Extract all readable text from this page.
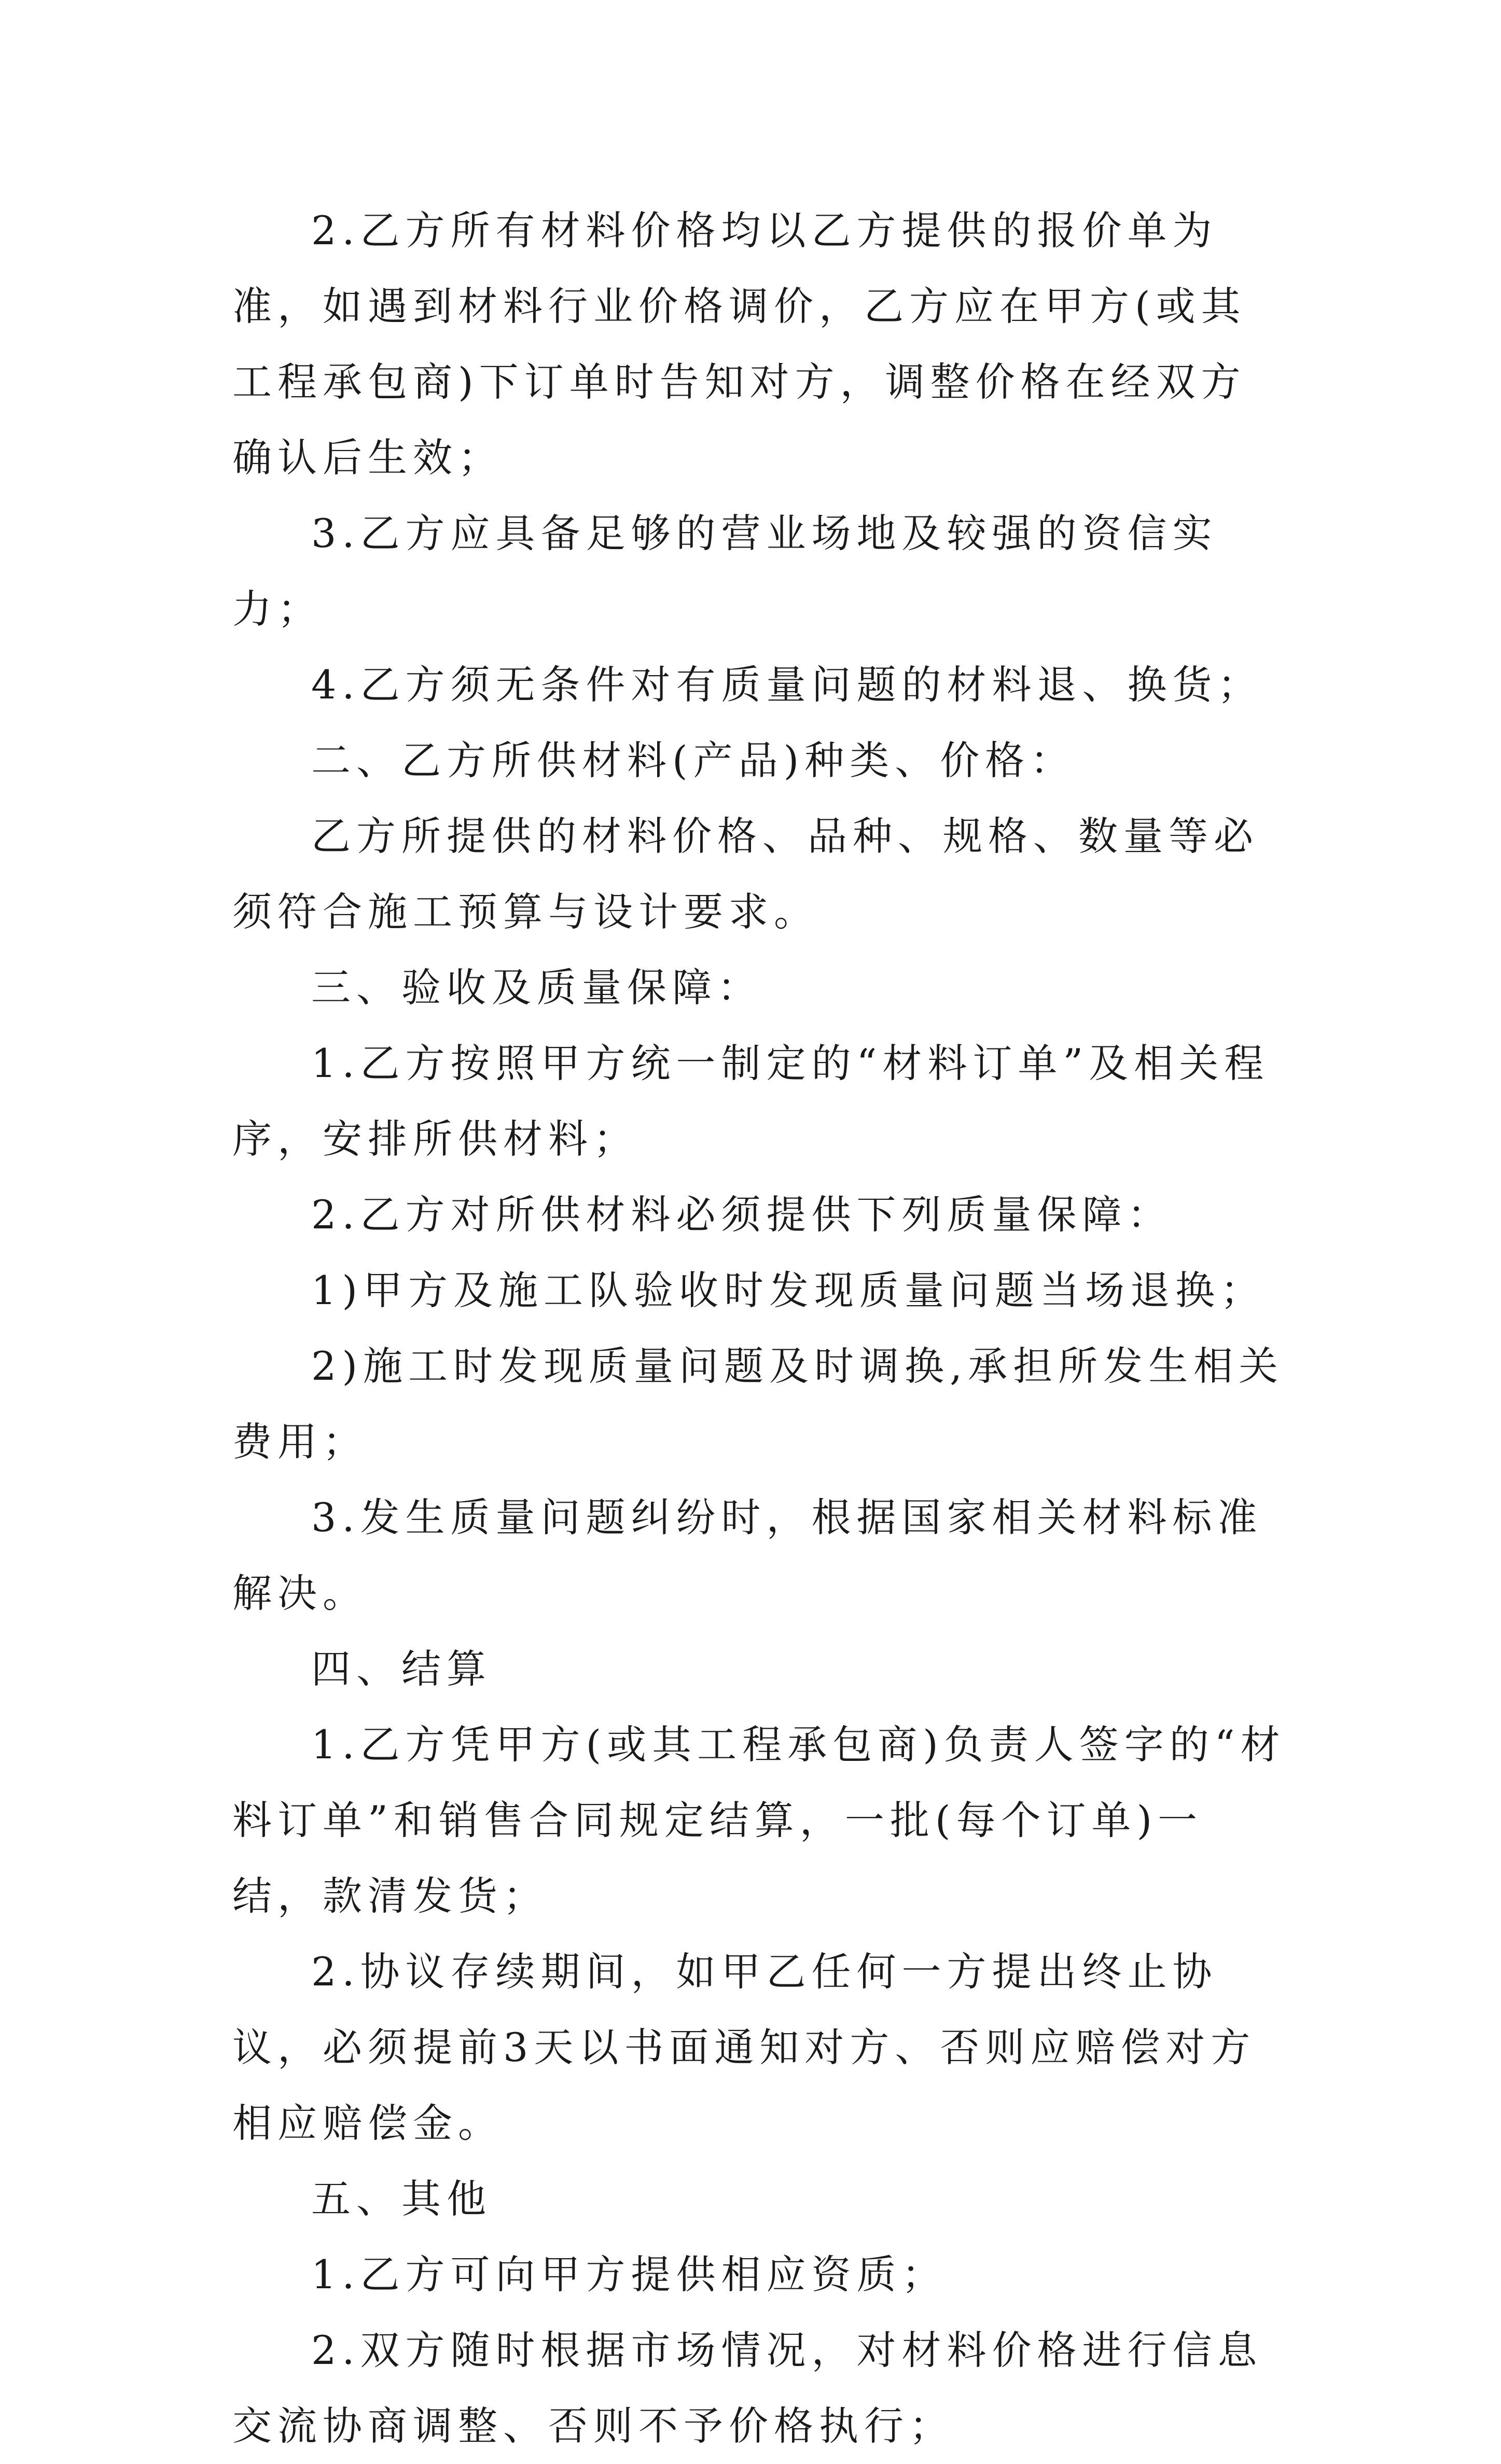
2.乙方所有材料价格均以乙方提供的报价单为准，如遇到材料行业价格调价，乙方应在甲方(或其工程承包商)下订单时告知对方，调整价格在经双方确认后生效；

3.乙方应具备足够的营业场地及较强的资信实力；

4.乙方须无条件对有质量问题的材料退、换货；

二、乙方所供材料(产品)种类、价格：

乙方所提供的材料价格、品种、规格、数量等必须符合施工预算与设计要求。

三、验收及质量保障：

1.乙方按照甲方统一制定的“材料订单”及相关程序，安排所供材料；

2.乙方对所供材料必须提供下列质量保障：

1)甲方及施工队验收时发现质量问题当场退换；

2)施工时发现质量问题及时调换,承担所发生相关费用；

3.发生质量问题纠纷时，根据国家相关材料标准解决。

四、结算

1.乙方凭甲方(或其工程承包商)负责人签字的“材料订单”和销售合同规定结算，一批(每个订单)一结，款清发货；

2.协议存续期间，如甲乙任何一方提出终止协议，必须提前3天以书面通知对方、否则应赔偿对方相应赔偿金。

五、其他

1.乙方可向甲方提供相应资质；

2.双方随时根据市场情况，对材料价格进行信息交流协商调整、否则不予价格执行；
